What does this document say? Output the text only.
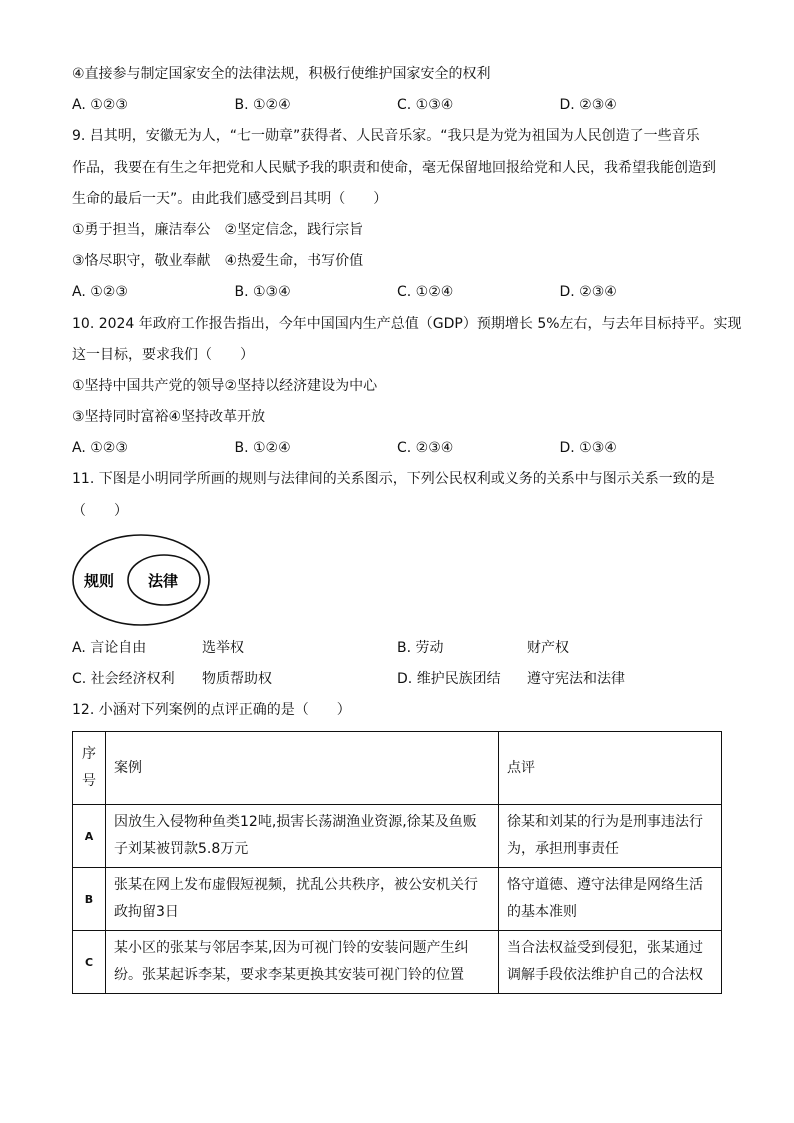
④直接参与制定国家安全的法律法规，积极行使维护国家安全的权利
A. ①②③	B. ①②④	C. ①③④	D. ②③④
9. 吕其明，安徽无为人，“七一勋章”获得者、人民音乐家。“我只是为党为祖国为人民创造了一些音乐
作品，我要在有生之年把党和人民赋予我的职责和使命，毫无保留地回报给党和人民，我希望我能创造到
生命的最后一天”。由此我们感受到吕其明（　　）
①勇于担当，廉洁奉公　②坚定信念，践行宗旨
③恪尽职守，敬业奉献　④热爱生命，书写价值
A. ①②③	B. ①③④	C. ①②④	D. ②③④
10. 2024 年政府工作报告指出，今年中国国内生产总值（GDP）预期增长 5%左右，与去年目标持平。实现
这一目标，要求我们（　　）
①坚持中国共产党的领导②坚持以经济建设为中心
③坚持同时富裕④坚持改革开放
A. ①②③	B. ①②④	C. ②③④	D. ①③④
11. 下图是小明同学所画的规则与法律间的关系图示，下列公民权利或义务的关系中与图示关系一致的是
（　　）
规则 法律
A. 言论自由	选举权	B. 劳动	财产权
C. 社会经济权利 物质帮助权	D. 维护民族团结 遵守宪法和法律
12. 小涵对下列案例的点评正确的是（　　）
序号	案例	点评
A	因放生入侵物种鱼类12吨,损害长荡湖渔业资源,徐某及鱼贩子刘某被罚款5.8万元	徐某和刘某的行为是刑事违法行为，承担刑事责任
B	张某在网上发布虚假短视频，扰乱公共秩序，被公安机关行政拘留3日	恪守道德、遵守法律是网络生活的基本准则
C	某小区的张某与邻居李某,因为可视门铃的安装问题产生纠纷。张某起诉李某，要求李某更换其安装可视门铃的位置	当合法权益受到侵犯，张某通过调解手段依法维护自己的合法权
